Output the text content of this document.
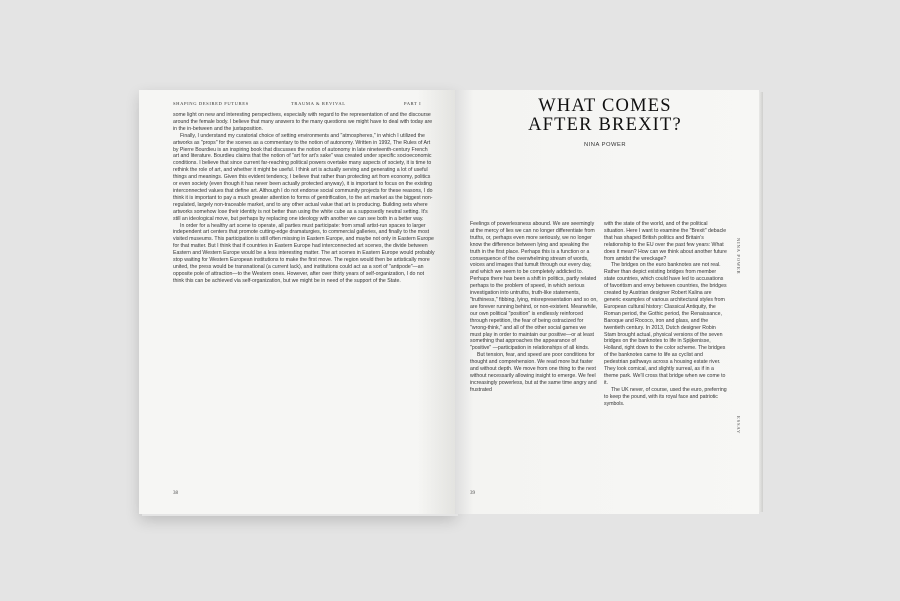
SHAPING DESIRED FUTURES	TRAUMA & REVIVAL	PART I

some light on new and interesting perspectives, especially with regard to the representation of and the discourse around the female body. I believe that many answers to the many questions we might have to deal with today are in the in-between and the juxtaposition.

Finally, I understand my curatorial choice of setting environments and "atmospheres," in which I utilized the artworks as "props" for the scenes as a commentary to the notion of autonomy. Written in 1992, The Rules of Art by Pierre Bourdieu is an inspiring book that discusses the notion of autonomy in late nineteenth-century French art and literature. Bourdieu claims that the notion of "art for art's sake" was created under specific socioeconomic conditions. I believe that since current far-reaching political powers overtake many aspects of society, it is time to rethink the role of art, and whether it might be useful. I think art is actually serving and generating a lot of useful things and meanings. Given this evident tendency, I believe that rather than protecting art from economy, politics or even society (even though it has never been actually protected anyway), it is important to focus on the existing interconnected values that define art. Although I do not endorse social community projects for these reasons, I do think it is important to pay a much greater attention to forms of gentrification, to the art market as the biggest non-regulated, largely non-traceable market, and to any other actual value that art is producing. Building sets where artworks somehow lose their identity is not better than using the white cube as a supposedly neutral setting. It's still an ideological move, but perhaps by replacing one ideology with another we can see both in a better way.

In order for a healthy art scene to operate, all parties must participate: from small artist-run spaces to larger independent art centers that promote cutting-edge dramaturgies, to commercial galleries, and finally to the most visited museums. This participation is still often missing in Eastern Europe, and maybe not only in Eastern Europe for that matter. But I think that if countries in Eastern Europe had interconnected art scenes, the divide between Eastern and Western Europe would be a less interesting matter. The art scenes in Eastern Europe would probably stop waiting for Western European institutions to make the first move. The region would then be artistically more united, the press would be transnational (a current lack), and institutions could act as a sort of "antipode"—an opposite pole of attraction—to the Western ones. However, after over thirty years of self-organization, I do not think this can be achieved via self-organization, but we might be in need of the support of the State.

38
WHAT COMES
AFTER BREXIT?
NINA POWER

Feelings of powerlessness abound. We are seemingly at the mercy of lies we can no longer differentiate from truths, or, perhaps even more seriously, we no longer know the difference between lying and speaking the truth in the first place. Perhaps this is a function or a consequence of the overwhelming stream of words, voices and images that tumult through our every day, and which we seem to be completely addicted to. Perhaps there has been a shift in politics, partly related perhaps to the problem of speed, in which serious investigation into untruths, truth-like statements, "truthiness," fibbing, lying, misrepresentation and so on, are forever running behind, or non-existent. Meanwhile, our own political "position" is endlessly reinforced through repetition, the fear of being ostracized for "wrong-think," and all of the other social games we must play in order to maintain our positive—or at least something that approaches the appearance of "positive" —participation in relationships of all kinds.

But tension, fear, and speed are poor conditions for thought and comprehension. We read more but faster and without depth. We move from one thing to the next without necessarily allowing insight to emerge. We feel increasingly powerless, but at the same time angry and frustrated

with the state of the world, and of the political situation. Here I want to examine the "Brexit" debacle that has shaped British politics and Britain's relationship to the EU over the past few years: What does it mean? How can we think about another future from amidst the wreckage?

The bridges on the euro banknotes are not real. Rather than depict existing bridges from member state countries, which could have led to accusations of favoritism and envy between countries, the bridges created by Austrian designer Robert Kalina are generic examples of various architectural styles from European cultural history: Classical Antiquity, the Roman period, the Gothic period, the Renaissance, Baroque and Rococo, iron and glass, and the twentieth century. In 2013, Dutch designer Robin Stam brought actual, physical versions of the seven bridges on the banknotes to life in Spijkenisse, Holland, right down to the color scheme. The bridges of the banknotes came to life as cyclist and pedestrian pathways across a housing estate river. They look comical, and slightly surreal, as if in a theme park. We'll cross that bridge when we come to it.

The UK never, of course, used the euro, preferring to keep the pound, with its royal face and patriotic symbols.

NINA POWER
ESSAY
39
